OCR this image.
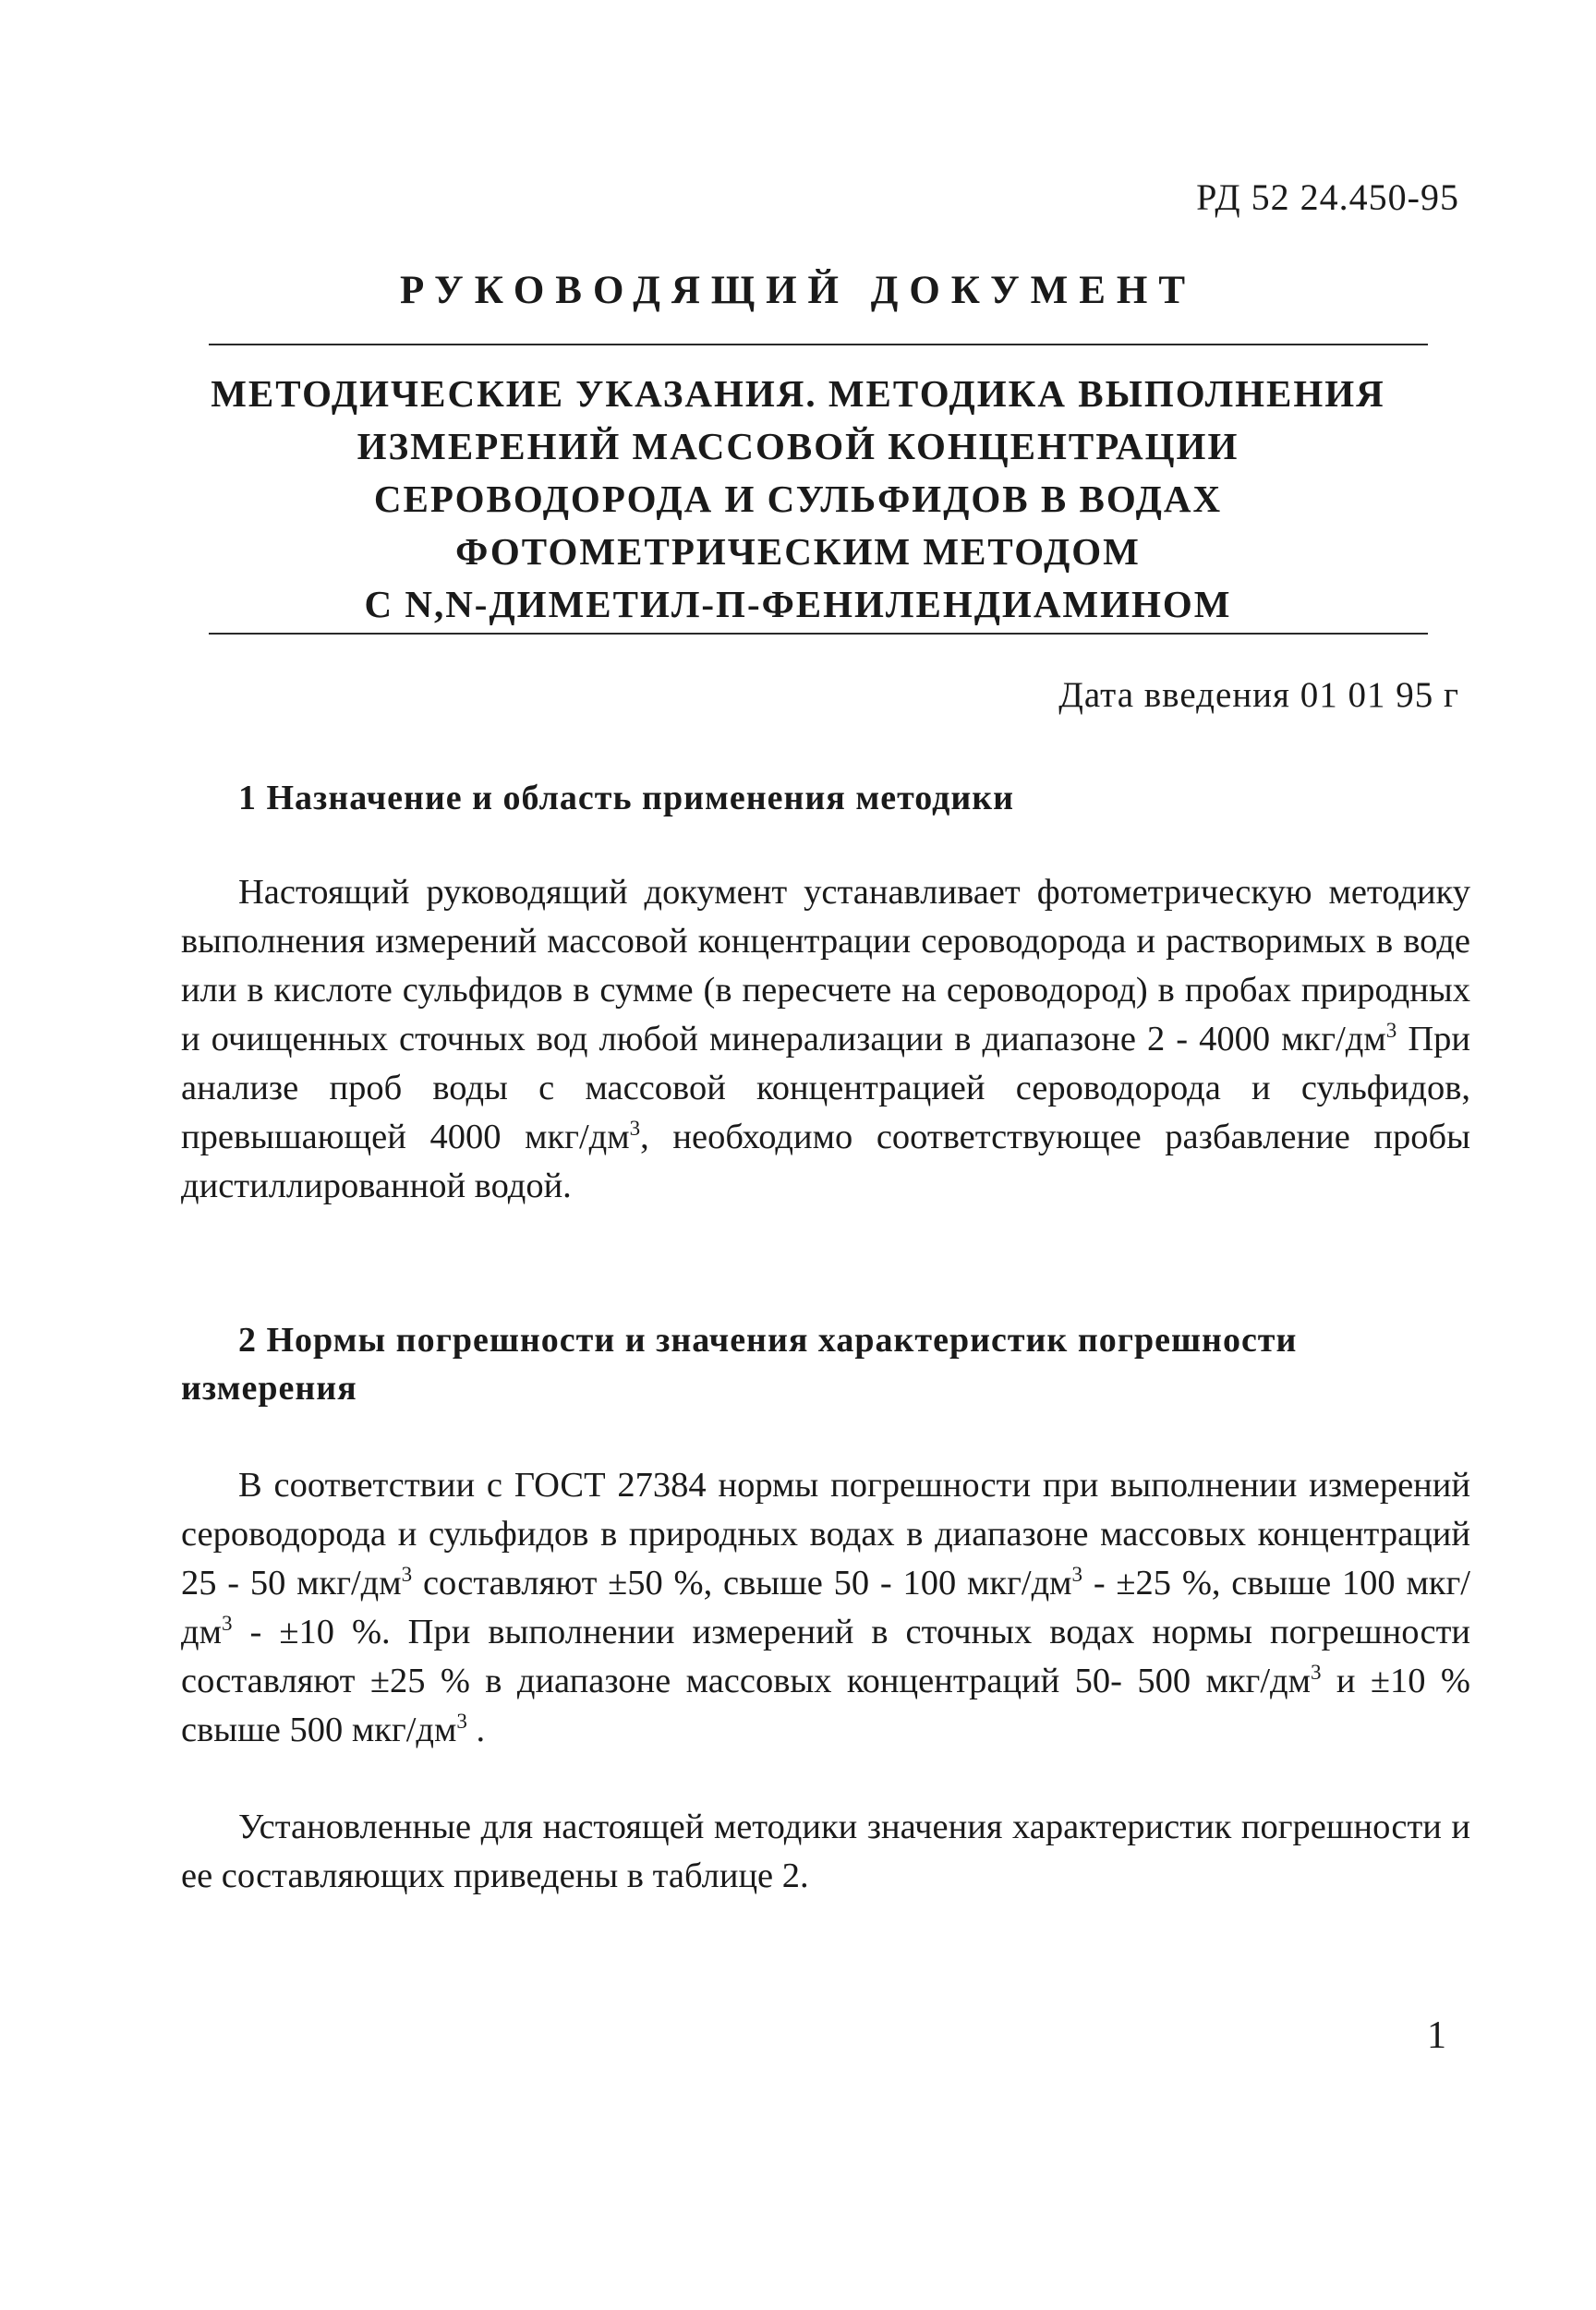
РД 52 24.450-95
РУКОВОДЯЩИЙ ДОКУМЕНТ
МЕТОДИЧЕСКИЕ УКАЗАНИЯ. МЕТОДИКА ВЫПОЛНЕНИЯ
ИЗМЕРЕНИЙ МАССОВОЙ КОНЦЕНТРАЦИИ
СЕРОВОДОРОДА И СУЛЬФИДОВ В ВОДАХ
ФОТОМЕТРИЧЕСКИМ МЕТОДОМ
С N,N-ДИМЕТИЛ-П-ФЕНИЛЕНДИАМИНОМ
Дата введения 01 01 95 г
1 Назначение и область применения методики
Настоящий руководящий документ устанавливает фотометрическую методику выполнения измерений массовой концентрации сероводорода и растворимых в воде или в кислоте сульфидов в сумме (в пересчете на сероводород) в пробах природных и очищенных сточных вод любой минерализации в диапазоне 2 - 4000 мкг/$дм^3$ При анализе проб воды с массовой концентрацией сероводорода и сульфидов, превышающей 4000 мкг/$дм^3$, необходимо соответствующее разбавление пробы дистиллированной водой.
2 Нормы погрешности и значения характеристик погрешности измерения
В соответствии с ГОСТ 27384 нормы погрешности при выполнении измерений сероводорода и сульфидов в природных водах в диапазоне массовых концентраций 25 - 50 мкг/$дм^3$ составляют ±50 %, свыше 50 - 100 мкг/$дм^3 - \pm 25$ %, свыше 100 мкг/$дм^3 - \pm 10$ %. При выполнении измерений в сточных водах нормы погрешности составляют ±25 % в диапазоне массовых концентраций 50- 500 мкг/$дм^3$ и ±10 % свыше 500 мкг/$дм^3$ .
Установленные для настоящей методики значения характеристик погрешности и ее составляющих приведены в таблице 2.
1
